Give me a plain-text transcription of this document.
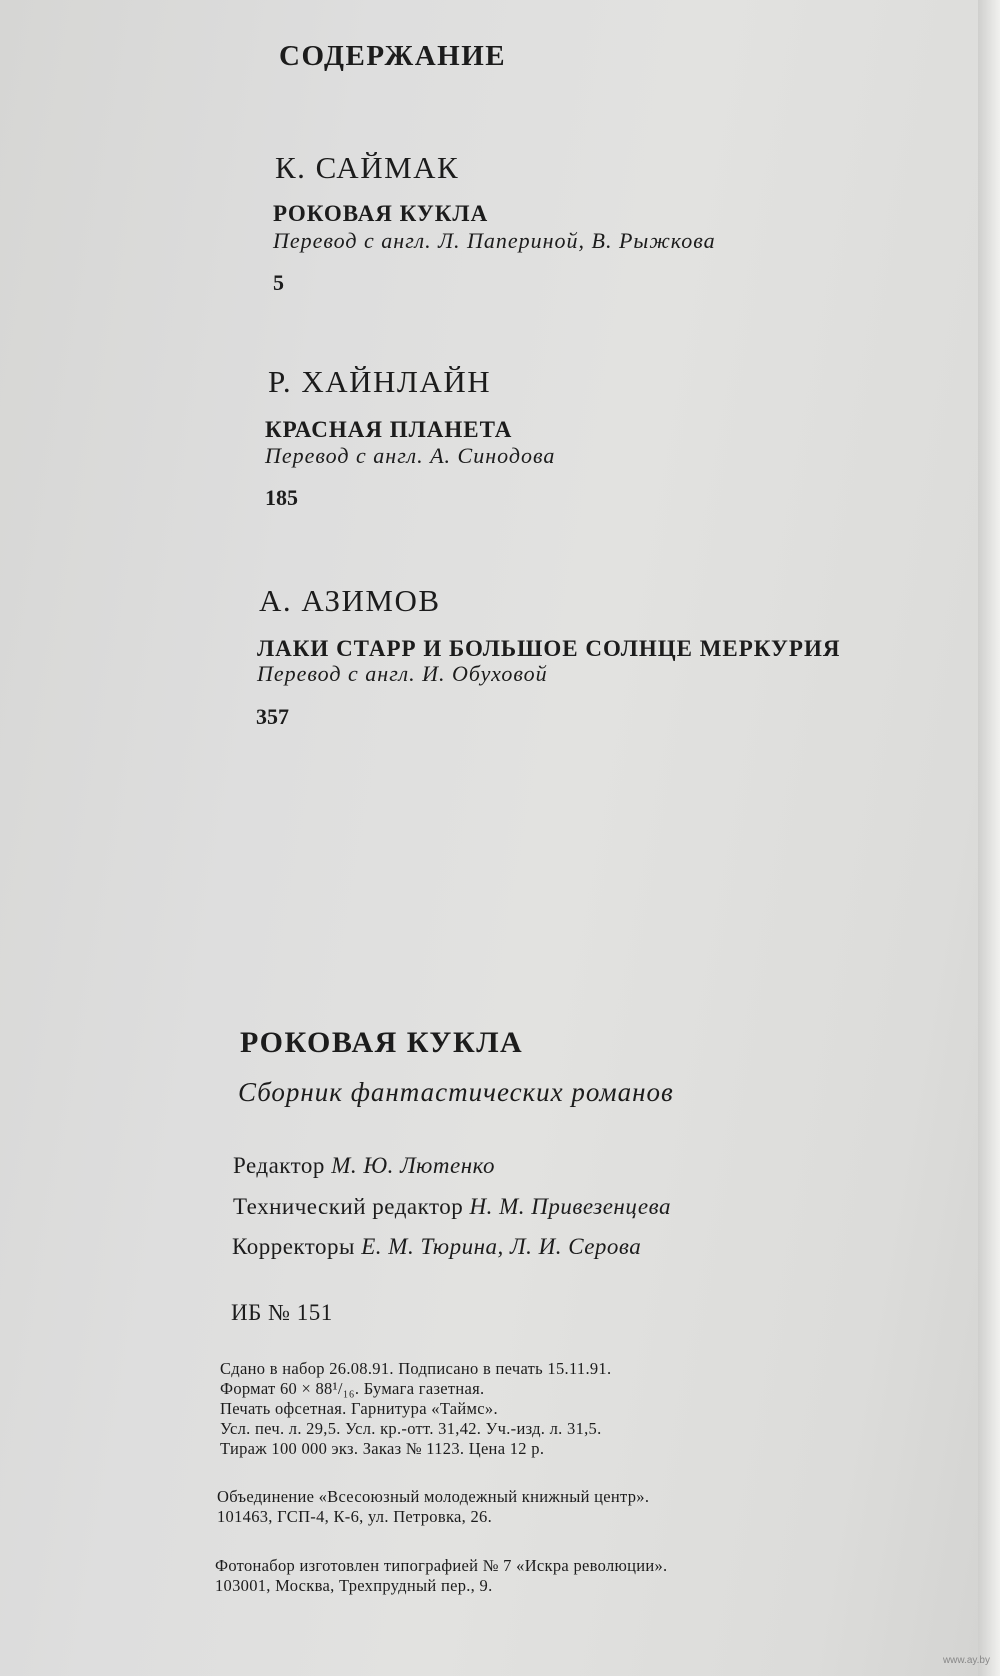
СОДЕРЖАНИЕ
К. САЙМАК
РОКОВАЯ КУКЛА
Перевод с англ. Л. Папериной, В. Рыжкова
5
Р. ХАЙНЛАЙН
КРАСНАЯ ПЛАНЕТА
Перевод с англ. А. Синодова
185
А. АЗИМОВ
ЛАКИ СТАРР И БОЛЬШОЕ СОЛНЦЕ МЕРКУРИЯ
Перевод с англ. И. Обуховой
357
РОКОВАЯ КУКЛА
Сборник фантастических романов
Редактор М. Ю. Лютенко
Технический редактор Н. М. Привезенцева
Корректоры Е. М. Тюрина, Л. И. Серова
ИБ № 151
Сдано в набор 26.08.91. Подписано в печать 15.11.91.
Формат 60 × 88¹/₁₆. Бумага газетная.
Печать офсетная. Гарнитура «Таймс».
Усл. печ. л. 29,5. Усл. кр.-отт. 31,42. Уч.-изд. л. 31,5.
Тираж 100 000 экз. Заказ № 1123. Цена 12 р.
Объединение «Всесоюзный молодежный книжный центр».
101463, ГСП-4, К-6, ул. Петровка, 26.
Фотонабор изготовлен типографией № 7 «Искра революции».
103001, Москва, Трехпрудный пер., 9.
www.ay.by
